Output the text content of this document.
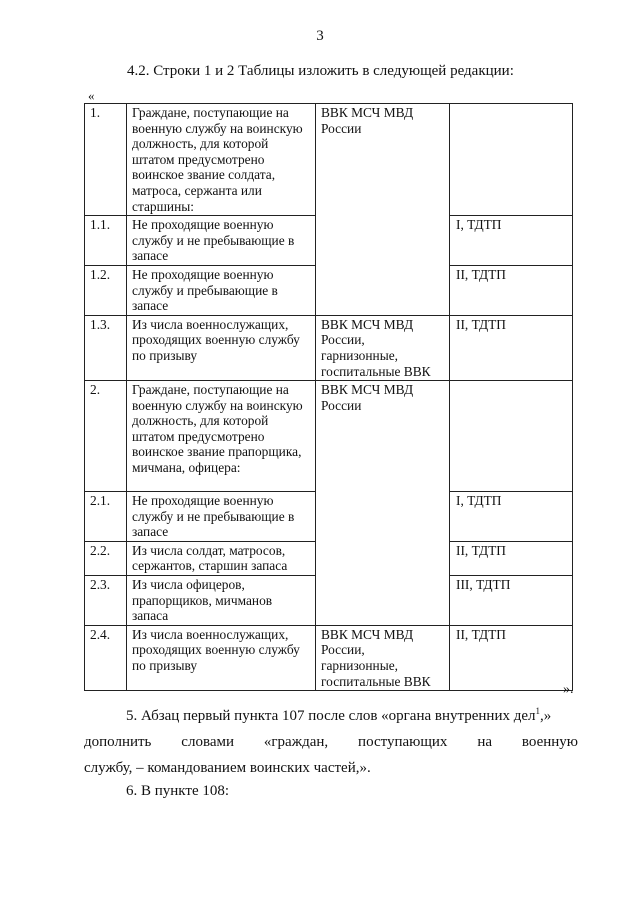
3
4.2. Строки 1 и 2 Таблицы изложить в следующей редакции:
«
1.	Граждане, поступающие на военную службу на воинскую должность, для которой штатом предусмотрено воинское звание солдата, матроса, сержанта или старшины:	ВВК МСЧ МВД России	
1.1.	Не проходящие военную службу и не пребывающие в запасе		I, ТДТП
1.2.	Не проходящие военную службу и пребывающие в запасе		II, ТДТП
1.3.	Из числа военнослужащих, проходящих военную службу по призыву	ВВК МСЧ МВД России, гарнизонные, госпитальные ВВК	II, ТДТП
2.	Граждане, поступающие на военную службу на воинскую должность, для которой штатом предусмотрено воинское звание прапорщика, мичмана, офицера:	ВВК МСЧ МВД России	
2.1.	Не проходящие военную службу и не пребывающие в запасе		I, ТДТП
2.2.	Из числа солдат, матросов, сержантов, старшин запаса		II, ТДТП
2.3.	Из числа офицеров, прапорщиков, мичманов запаса		III, ТДТП
2.4.	Из числа военнослужащих, проходящих военную службу по призыву	ВВК МСЧ МВД России, гарнизонные, госпитальные ВВК	II, ТДТП
».
5. Абзац первый пункта 107 после слов «органа внутренних дел$^1$,»
дополнить словами «граждан, поступающих на военную
службу, – командованием воинских частей,».
6. В пункте 108:
